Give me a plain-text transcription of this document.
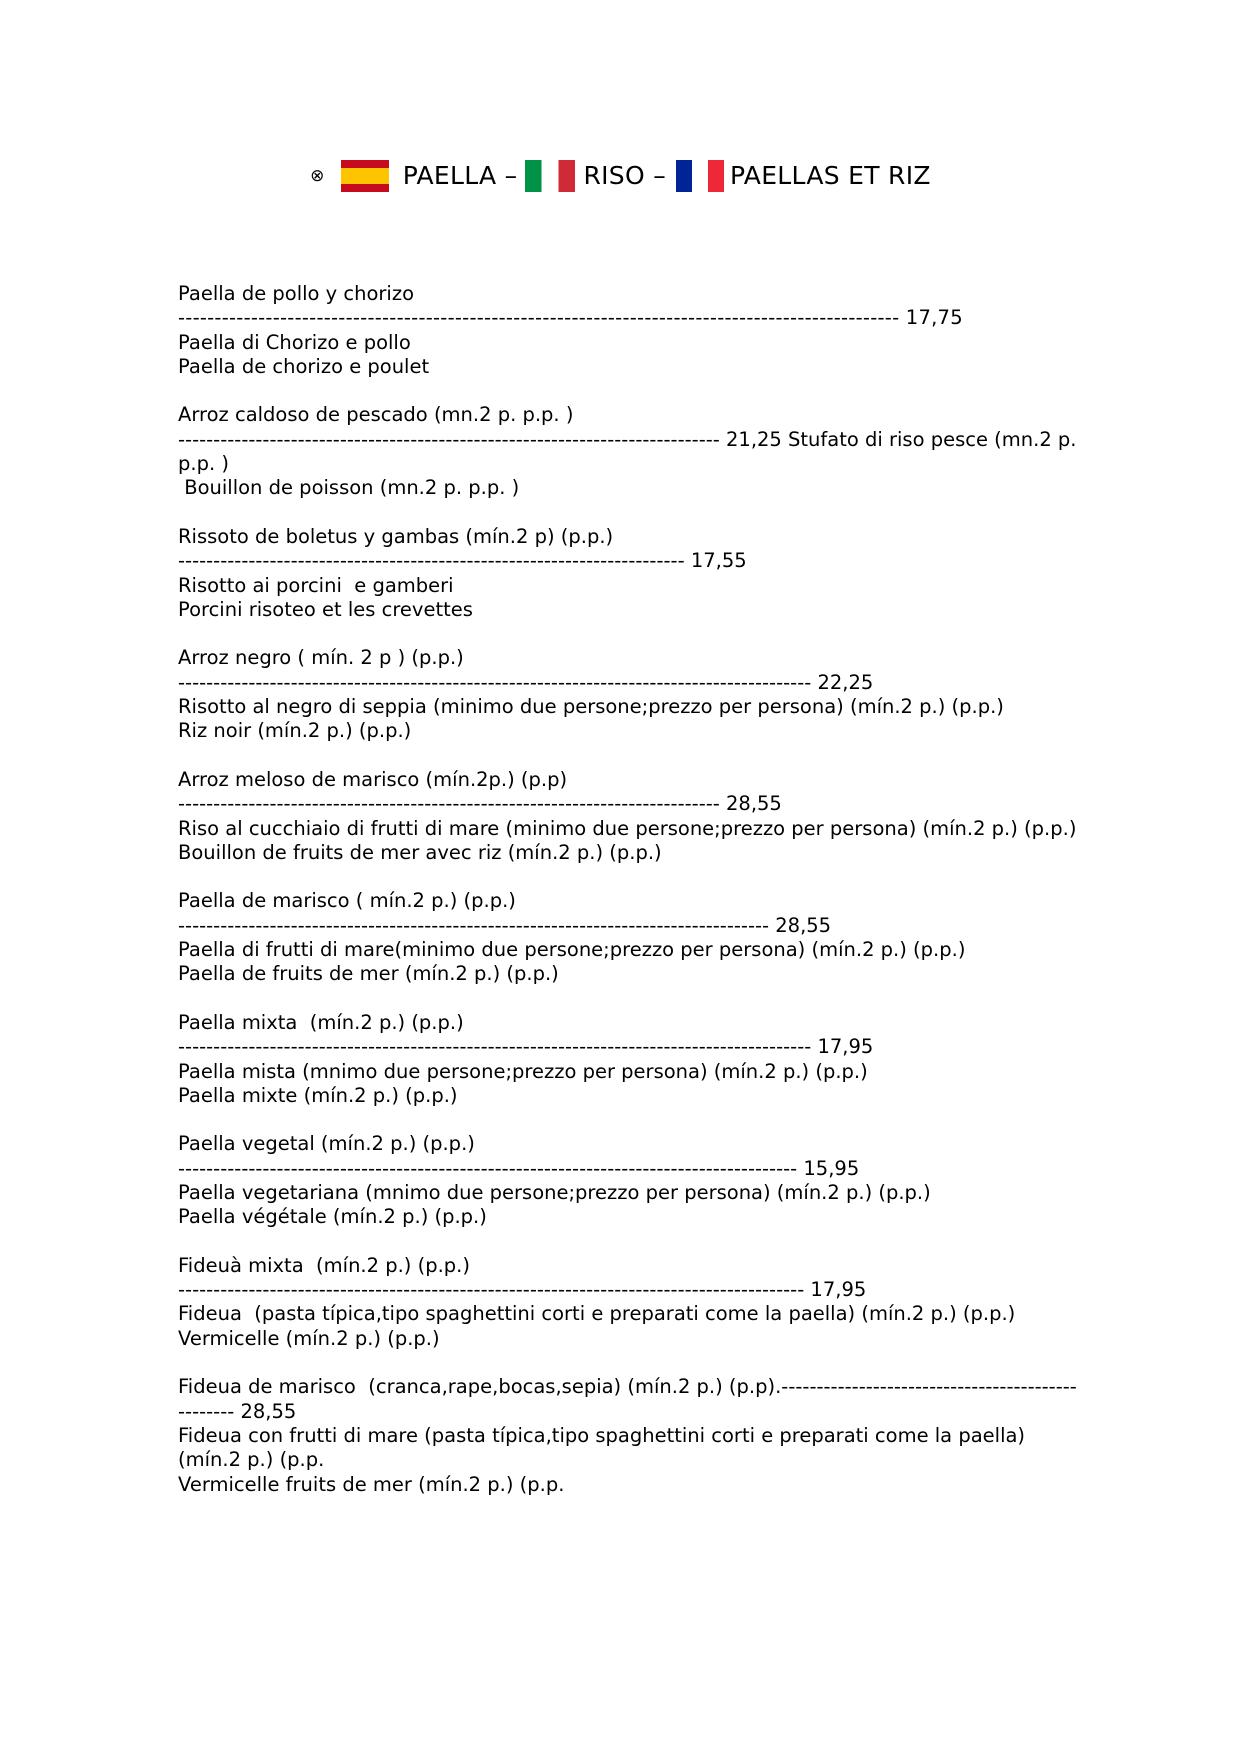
⊗	PAELLA –	RISO –	PAELLAS ET RIZ
Paella de pollo y chorizo
--------------------------------------------------------------------------------------------------- 17,75
Paella di Chorizo e pollo
Paella de chorizo e poulet
Arroz caldoso de pescado (mn.2 p. p.p. )
----------------------------------------------------------------------------- 21,25 Stufato di riso pesce (mn.2 p. p.p. )
Bouillon de poisson (mn.2 p. p.p. )
Rissoto de boletus y gambas (mín.2 p) (p.p.)
------------------------------------------------------------------------ 17,55
Risotto ai porcini  e gamberi
Porcini risoteo et les crevettes
Arroz negro ( mín. 2 p ) (p.p.)
------------------------------------------------------------------------------------------ 22,25
Risotto al negro di seppia (minimo due persone;prezzo per persona) (mín.2 p.) (p.p.)
Riz noir (mín.2 p.) (p.p.)
Arroz meloso de marisco (mín.2p.) (p.p)
----------------------------------------------------------------------------- 28,55
Riso al cucchiaio di frutti di mare (minimo due persone;prezzo per persona) (mín.2 p.) (p.p.)
Bouillon de fruits de mer avec riz (mín.2 p.) (p.p.)
Paella de marisco ( mín.2 p.) (p.p.)
------------------------------------------------------------------------------------ 28,55
Paella di frutti di mare(minimo due persone;prezzo per persona) (mín.2 p.) (p.p.)
Paella de fruits de mer (mín.2 p.) (p.p.)
Paella mixta  (mín.2 p.) (p.p.)
------------------------------------------------------------------------------------------ 17,95
Paella mista (mnimo due persone;prezzo per persona) (mín.2 p.) (p.p.)
Paella mixte (mín.2 p.) (p.p.)
Paella vegetal (mín.2 p.) (p.p.)
---------------------------------------------------------------------------------------- 15,95
Paella vegetariana (mnimo due persone;prezzo per persona) (mín.2 p.) (p.p.)
Paella végétale (mín.2 p.) (p.p.)
Fideuà mixta  (mín.2 p.) (p.p.)
----------------------------------------------------------------------------------------- 17,95
Fideua  (pasta típica,tipo spaghettini corti e preparati come la paella) (mín.2 p.) (p.p.)
Vermicelle (mín.2 p.) (p.p.)
Fideua de marisco  (cranca,rape,bocas,sepia) (mín.2 p.) (p.p).-------------------------------------------------- 28,55
Fideua con frutti di mare (pasta típica,tipo spaghettini corti e preparati come la paella)(mín.2 p.) (p.p.
Vermicelle fruits de mer (mín.2 p.) (p.p.
